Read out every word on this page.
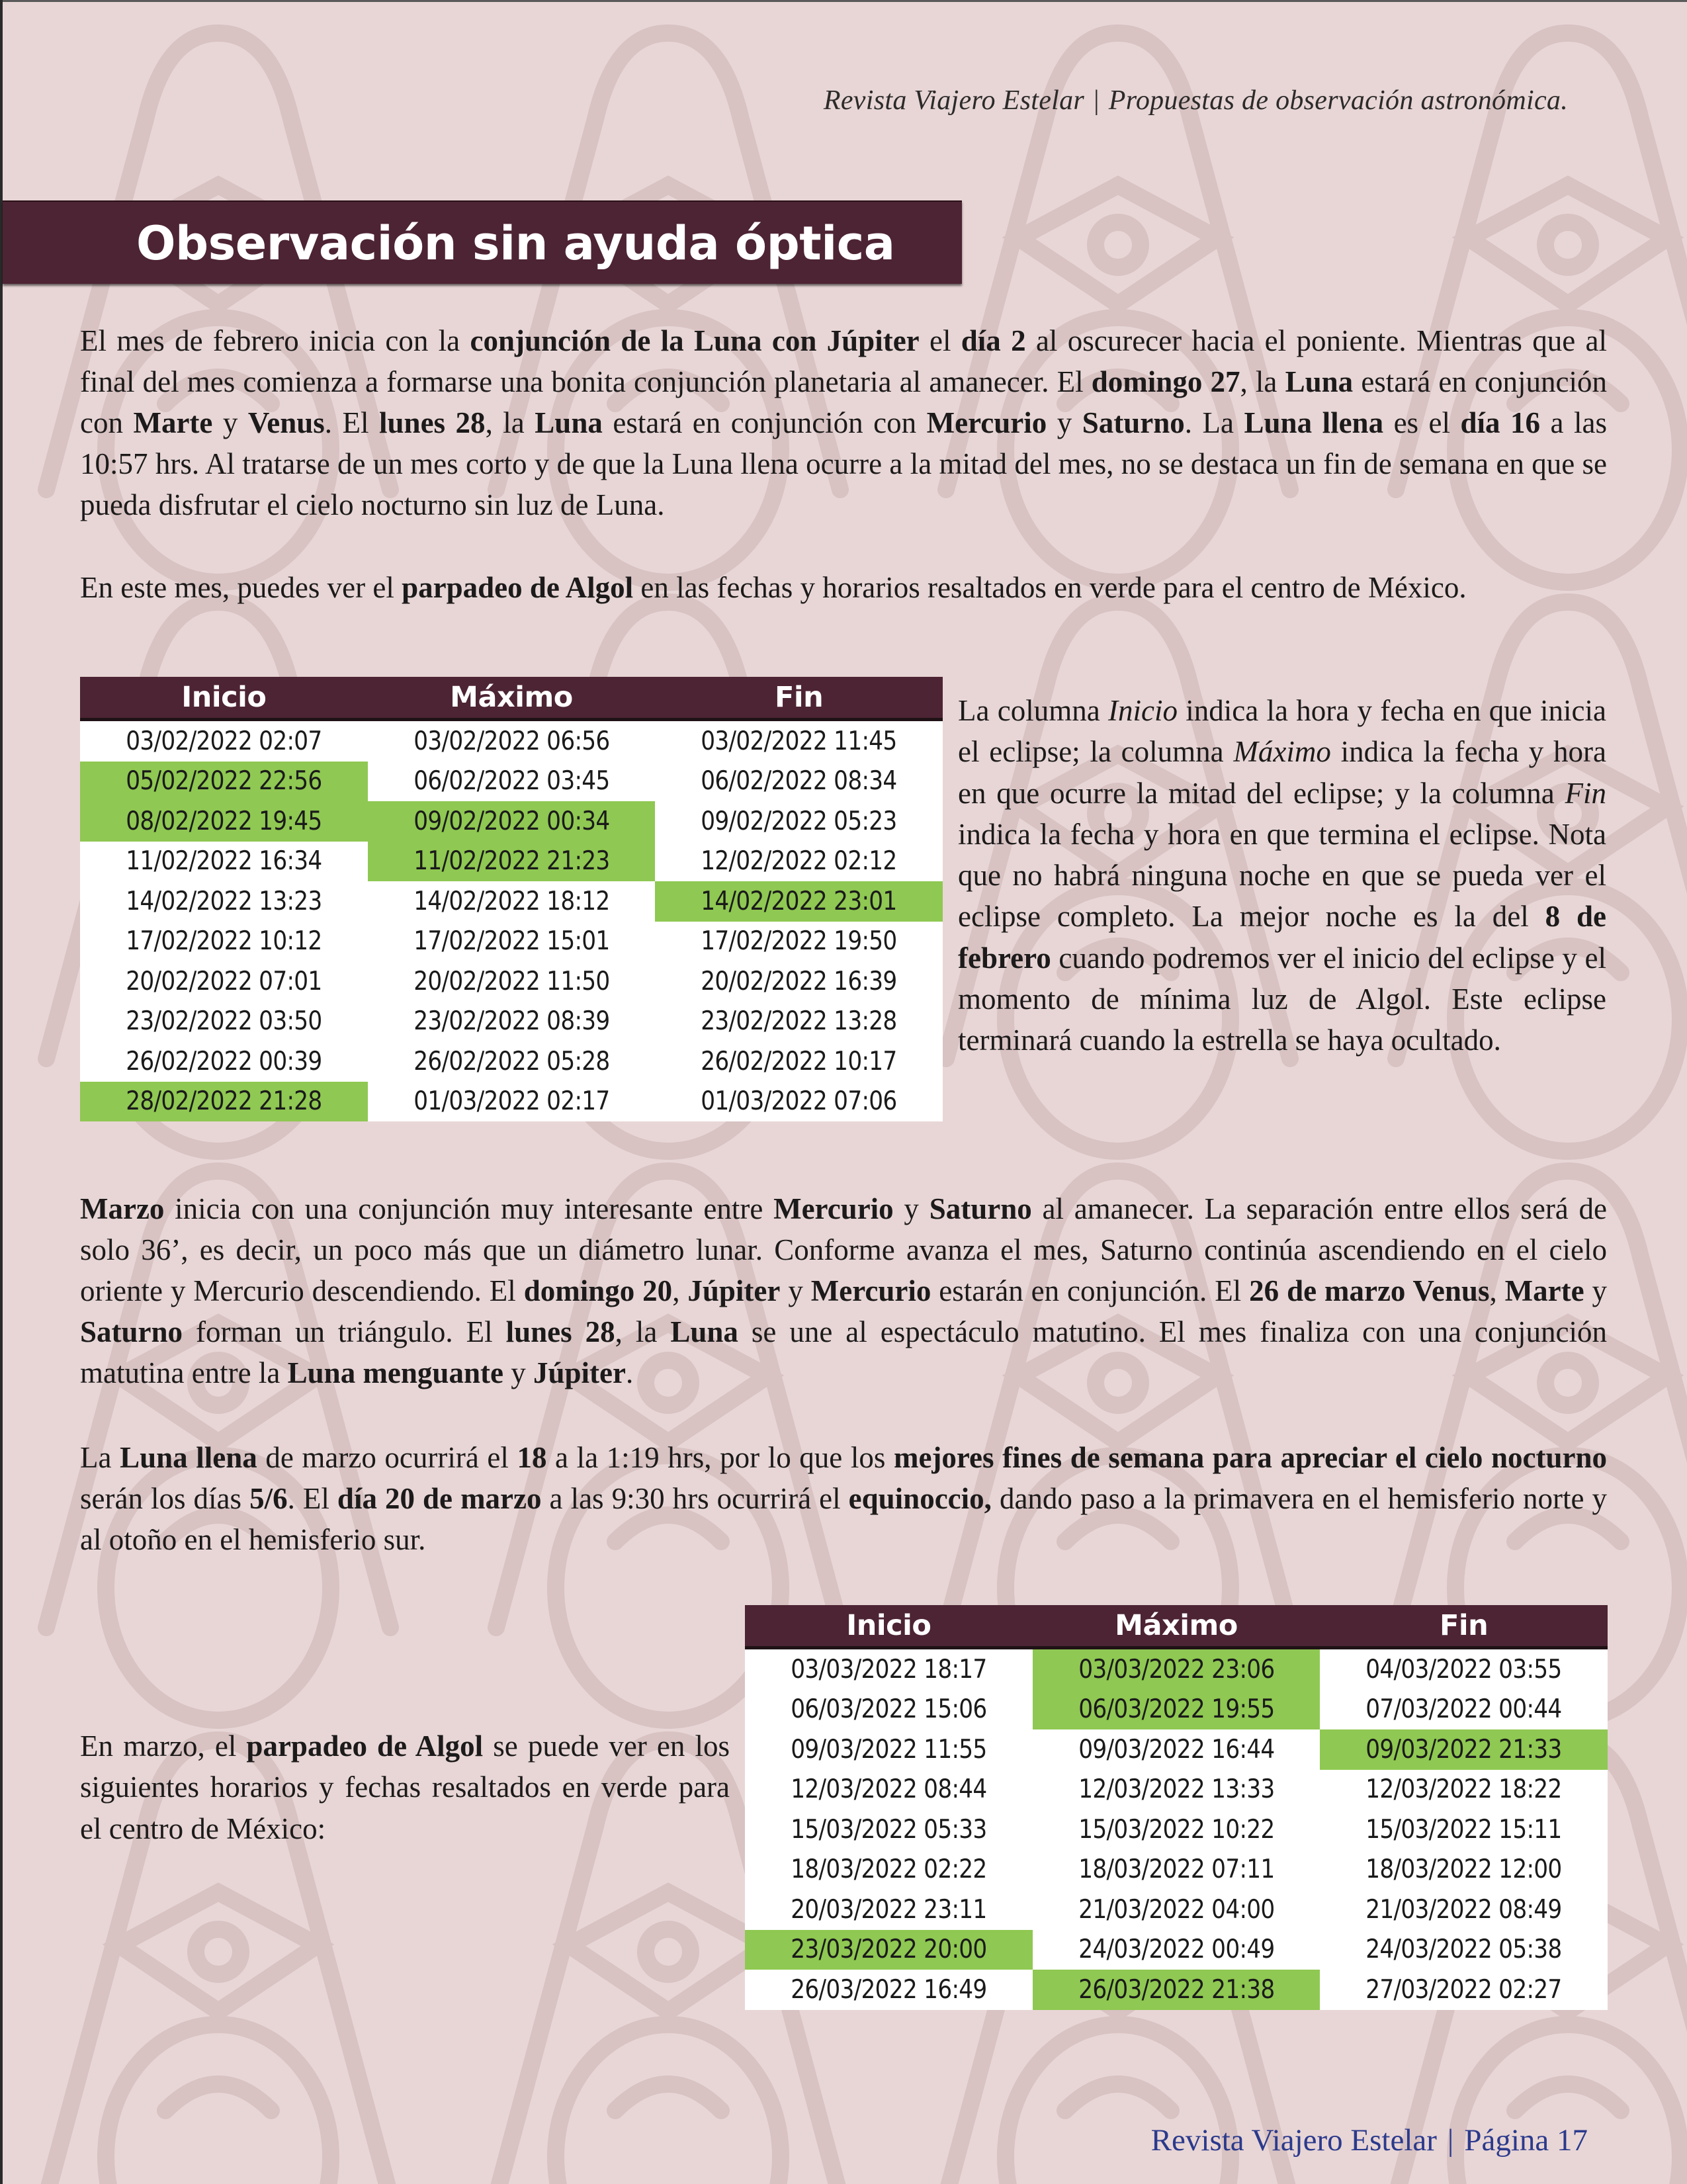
Revista Viajero Estelar | Propuestas de observación astronómica.
Observación sin ayuda óptica

El mes de febrero inicia con la conjunción de la Luna con Júpiter el día 2 al oscurecer hacia el poniente. Mientras que al final del mes comienza a formarse una bonita conjunción planetaria al amanecer. El domingo 27, la Luna estará en conjunción con Marte y Venus. El lunes 28, la Luna estará en conjunción con Mercurio y Saturno. La Luna llena es el día 16 a las 10:57 hrs. Al tratarse de un mes corto y de que la Luna llena ocurre a la mitad del mes, no se destaca un fin de semana en que se pueda disfrutar el cielo nocturno sin luz de Luna.

En este mes, puedes ver el parpadeo de Algol en las fechas y horarios resaltados en verde para el centro de México.

Inicio	Máximo	Fin
03/02/2022 02:07	03/02/2022 06:56	03/02/2022 11:45
05/02/2022 22:56	06/02/2022 03:45	06/02/2022 08:34
08/02/2022 19:45	09/02/2022 00:34	09/02/2022 05:23
11/02/2022 16:34	11/02/2022 21:23	12/02/2022 02:12
14/02/2022 13:23	14/02/2022 18:12	14/02/2022 23:01
17/02/2022 10:12	17/02/2022 15:01	17/02/2022 19:50
20/02/2022 07:01	20/02/2022 11:50	20/02/2022 16:39
23/02/2022 03:50	23/02/2022 08:39	23/02/2022 13:28
26/02/2022 00:39	26/02/2022 05:28	26/02/2022 10:17
28/02/2022 21:28	01/03/2022 02:17	01/03/2022 07:06

La columna Inicio indica la hora y fecha en que inicia el eclipse; la columna Máximo indica la fecha y hora en que ocurre la mitad del eclipse; y la columna Fin indica la fecha y hora en que termina el eclipse. Nota que no habrá ninguna noche en que se pueda ver el eclipse completo. La mejor noche es la del 8 de febrero cuando podremos ver el inicio del eclipse y el momento de mínima luz de Algol. Este eclipse terminará cuando la estrella se haya ocultado.

Marzo inicia con una conjunción muy interesante entre Mercurio y Saturno al amanecer. La separación entre ellos será de solo 36’, es decir, un poco más que un diámetro lunar. Conforme avanza el mes, Saturno continúa ascendiendo en el cielo oriente y Mercurio descendiendo. El domingo 20, Júpiter y Mercurio estarán en conjunción. El 26 de marzo Venus, Marte y Saturno forman un triángulo. El lunes 28, la Luna se une al espectáculo matutino. El mes finaliza con una conjunción matutina entre la Luna menguante y Júpiter.

La Luna llena de marzo ocurrirá el 18 a la 1:19 hrs, por lo que los mejores fines de semana para apreciar el cielo nocturno serán los días 5/6. El día 20 de marzo a las 9:30 hrs ocurrirá el equinoccio, dando paso a la primavera en el hemisferio norte y al otoño en el hemisferio sur.

En marzo, el parpadeo de Algol se puede ver en los siguientes horarios y fechas resaltados en verde para el centro de México:

Inicio	Máximo	Fin
03/03/2022 18:17	03/03/2022 23:06	04/03/2022 03:55
06/03/2022 15:06	06/03/2022 19:55	07/03/2022 00:44
09/03/2022 11:55	09/03/2022 16:44	09/03/2022 21:33
12/03/2022 08:44	12/03/2022 13:33	12/03/2022 18:22
15/03/2022 05:33	15/03/2022 10:22	15/03/2022 15:11
18/03/2022 02:22	18/03/2022 07:11	18/03/2022 12:00
20/03/2022 23:11	21/03/2022 04:00	21/03/2022 08:49
23/03/2022 20:00	24/03/2022 00:49	24/03/2022 05:38
26/03/2022 16:49	26/03/2022 21:38	27/03/2022 02:27
Revista Viajero Estelar | Página 17
